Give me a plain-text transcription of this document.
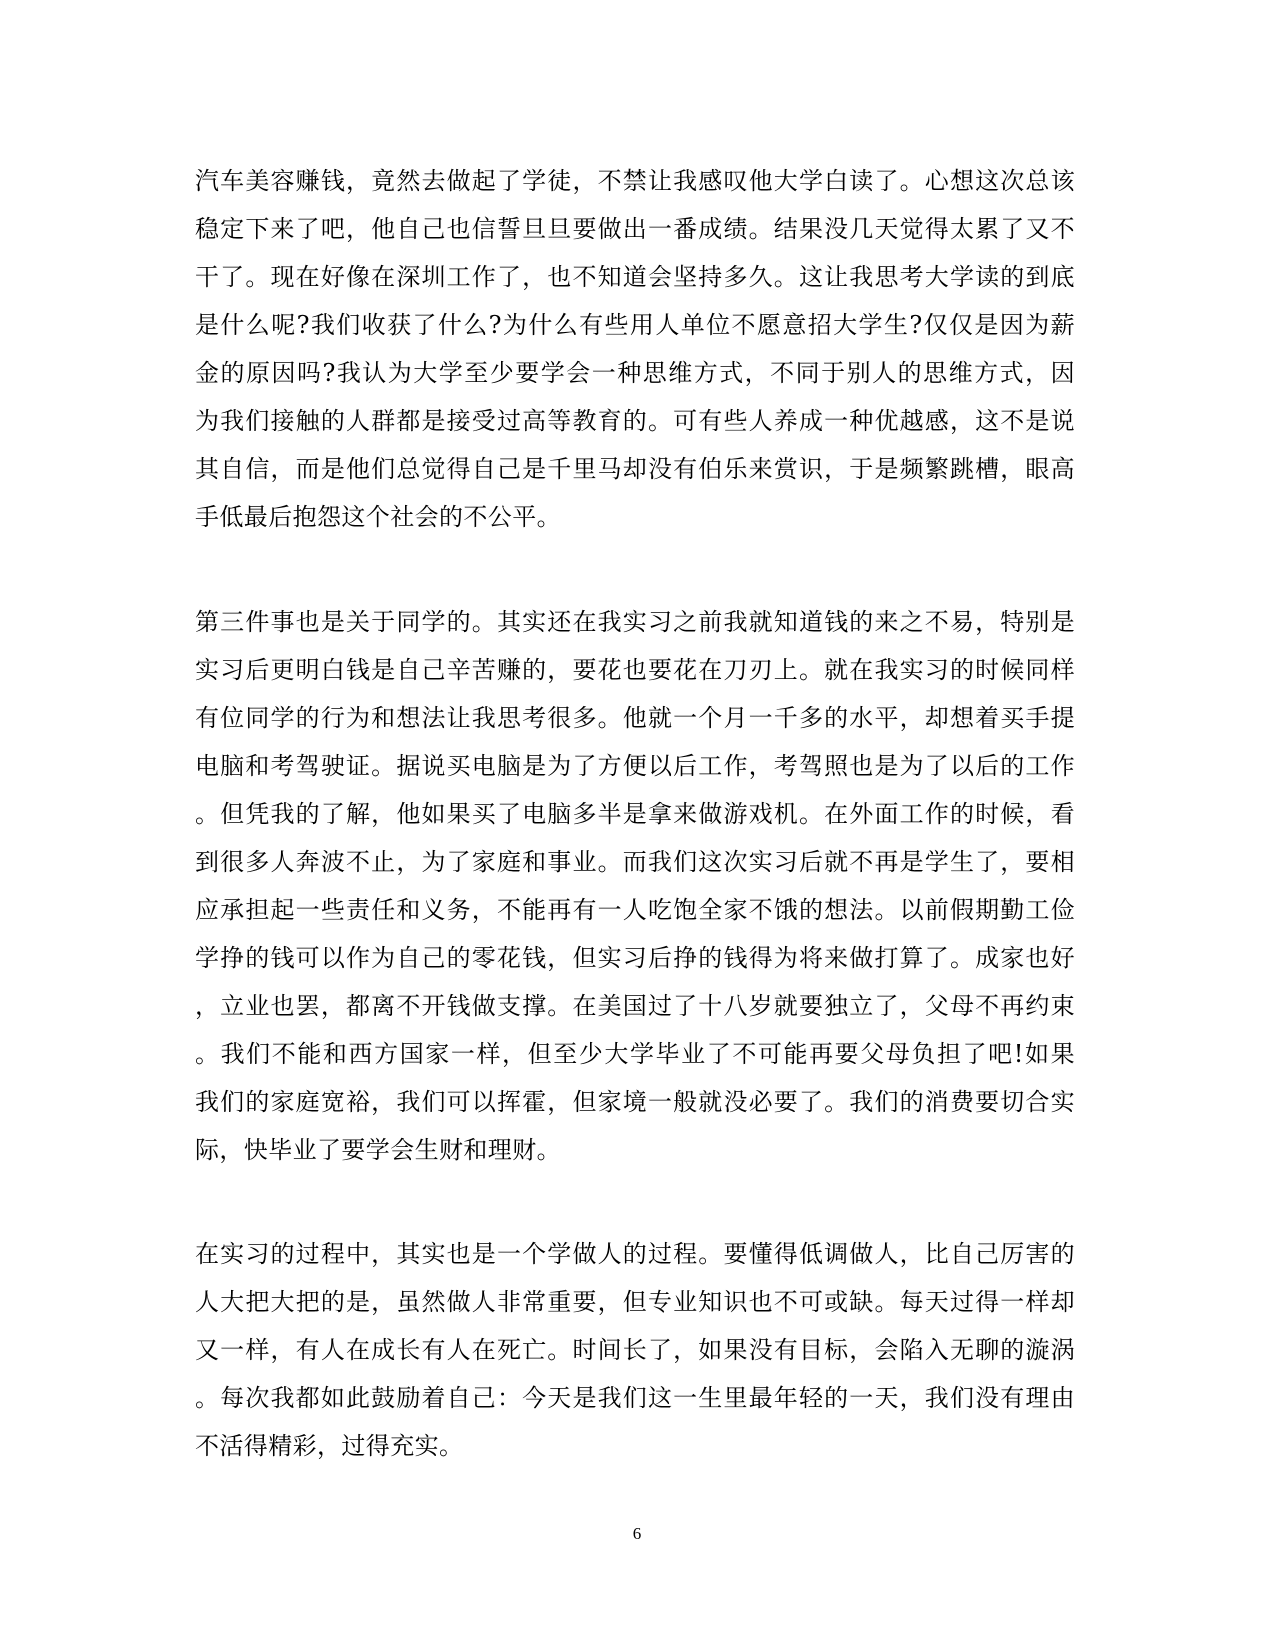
汽车美容赚钱，竟然去做起了学徒，不禁让我感叹他大学白读了。心想这次总该
稳定下来了吧，他自己也信誓旦旦要做出一番成绩。结果没几天觉得太累了又不
干了。现在好像在深圳工作了，也不知道会坚持多久。这让我思考大学读的到底
是什么呢?我们收获了什么?为什么有些用人单位不愿意招大学生?仅仅是因为薪
金的原因吗?我认为大学至少要学会一种思维方式，不同于别人的思维方式，因
为我们接触的人群都是接受过高等教育的。可有些人养成一种优越感，这不是说
其自信，而是他们总觉得自己是千里马却没有伯乐来赏识，于是频繁跳槽，眼高
手低最后抱怨这个社会的不公平。
第三件事也是关于同学的。其实还在我实习之前我就知道钱的来之不易，特别是
实习后更明白钱是自己辛苦赚的，要花也要花在刀刃上。就在我实习的时候同样
有位同学的行为和想法让我思考很多。他就一个月一千多的水平，却想着买手提
电脑和考驾驶证。据说买电脑是为了方便以后工作，考驾照也是为了以后的工作
。但凭我的了解，他如果买了电脑多半是拿来做游戏机。在外面工作的时候，看
到很多人奔波不止，为了家庭和事业。而我们这次实习后就不再是学生了，要相
应承担起一些责任和义务，不能再有一人吃饱全家不饿的想法。以前假期勤工俭
学挣的钱可以作为自己的零花钱，但实习后挣的钱得为将来做打算了。成家也好
，立业也罢，都离不开钱做支撑。在美国过了十八岁就要独立了，父母不再约束
。我们不能和西方国家一样，但至少大学毕业了不可能再要父母负担了吧!如果
我们的家庭宽裕，我们可以挥霍，但家境一般就没必要了。我们的消费要切合实
际，快毕业了要学会生财和理财。
在实习的过程中，其实也是一个学做人的过程。要懂得低调做人，比自己厉害的
人大把大把的是，虽然做人非常重要，但专业知识也不可或缺。每天过得一样却
又一样，有人在成长有人在死亡。时间长了，如果没有目标，会陷入无聊的漩涡
。每次我都如此鼓励着自己：今天是我们这一生里最年轻的一天，我们没有理由
不活得精彩，过得充实。
6
